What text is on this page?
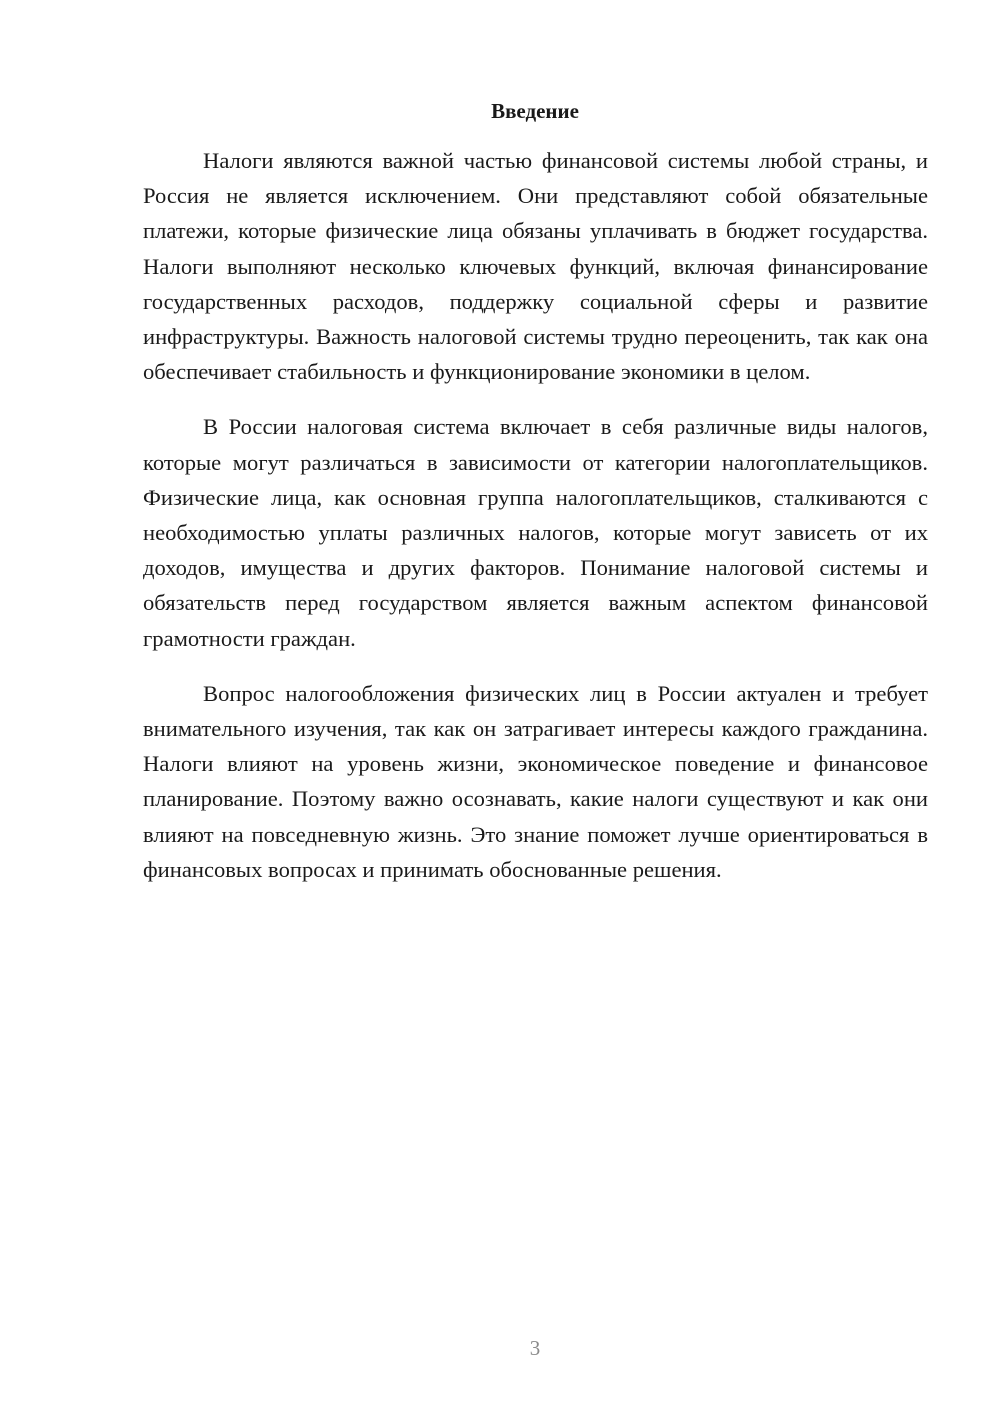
Введение

Налоги являются важной частью финансовой системы любой страны, и Россия не является исключением. Они представляют собой обязательные платежи, которые физические лица обязаны уплачивать в бюджет государства. Налоги выполняют несколько ключевых функций, включая финансирование государственных расходов, поддержку социальной сферы и развитие инфраструктуры. Важность налоговой системы трудно переоценить, так как она обеспечивает стабильность и функционирование экономики в целом.

В России налоговая система включает в себя различные виды налогов, которые могут различаться в зависимости от категории налогоплательщиков. Физические лица, как основная группа налогоплательщиков, сталкиваются с необходимостью уплаты различных налогов, которые могут зависеть от их доходов, имущества и других факторов. Понимание налоговой системы и обязательств перед государством является важным аспектом финансовой грамотности граждан.

Вопрос налогообложения физических лиц в России актуален и требует внимательного изучения, так как он затрагивает интересы каждого гражданина. Налоги влияют на уровень жизни, экономическое поведение и финансовое планирование. Поэтому важно осознавать, какие налоги существуют и как они влияют на повседневную жизнь. Это знание поможет лучше ориентироваться в финансовых вопросах и принимать обоснованные решения.

3
